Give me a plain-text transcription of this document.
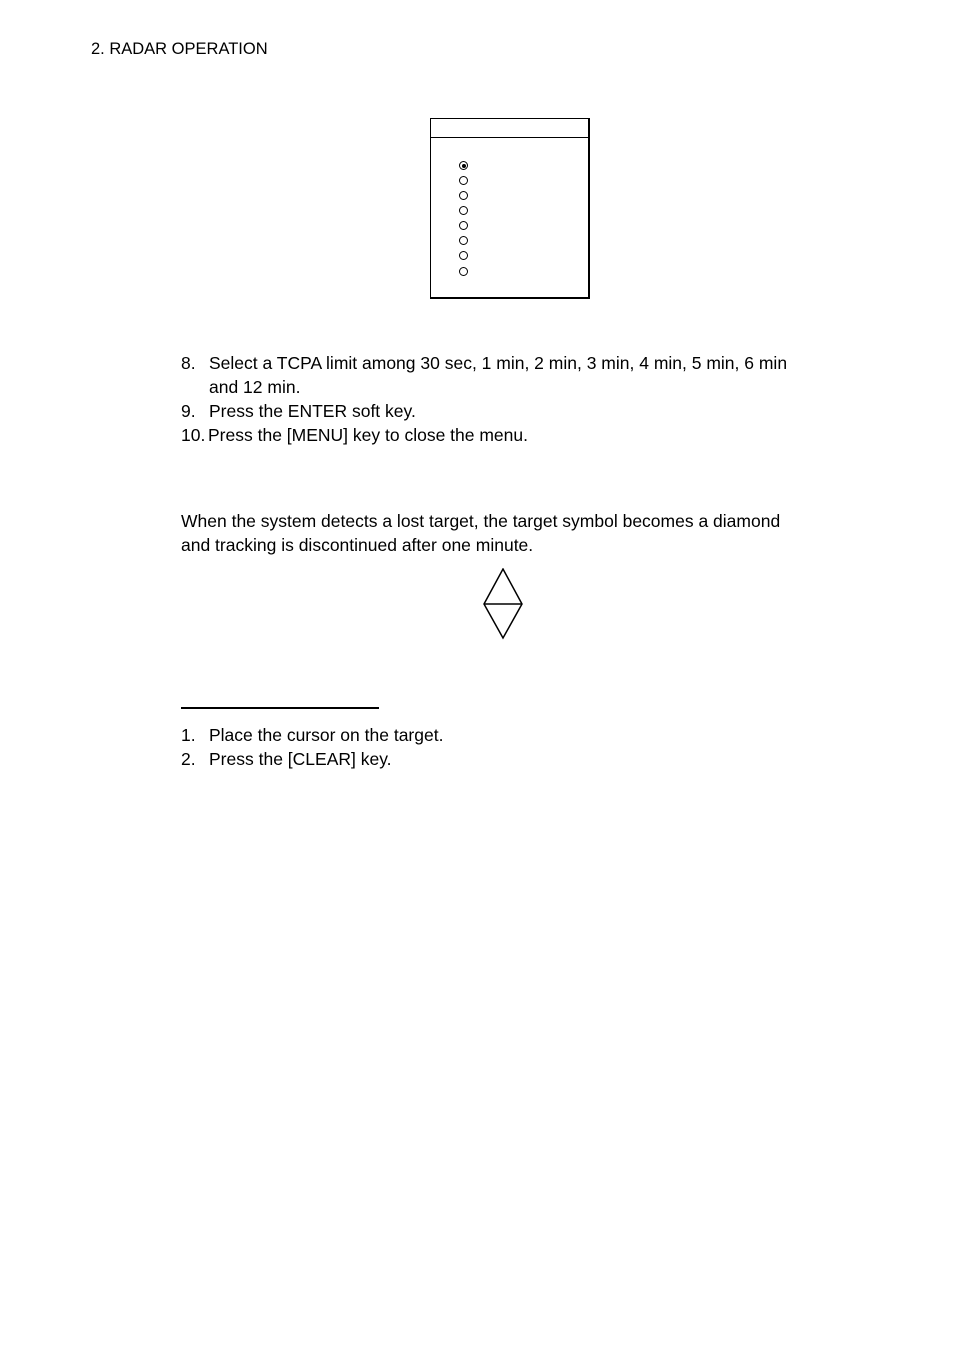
2. RADAR OPERATION
8. Select a TCPA limit among 30 sec, 1 min, 2 min, 3 min, 4 min, 5 min, 6 min
and 12 min.
9. Press the ENTER soft key.
10. Press the [MENU] key to close the menu.
When the system detects a lost target, the target symbol becomes a diamond
and tracking is discontinued after one minute.
1. Place the cursor on the target.
2. Press the [CLEAR] key.
